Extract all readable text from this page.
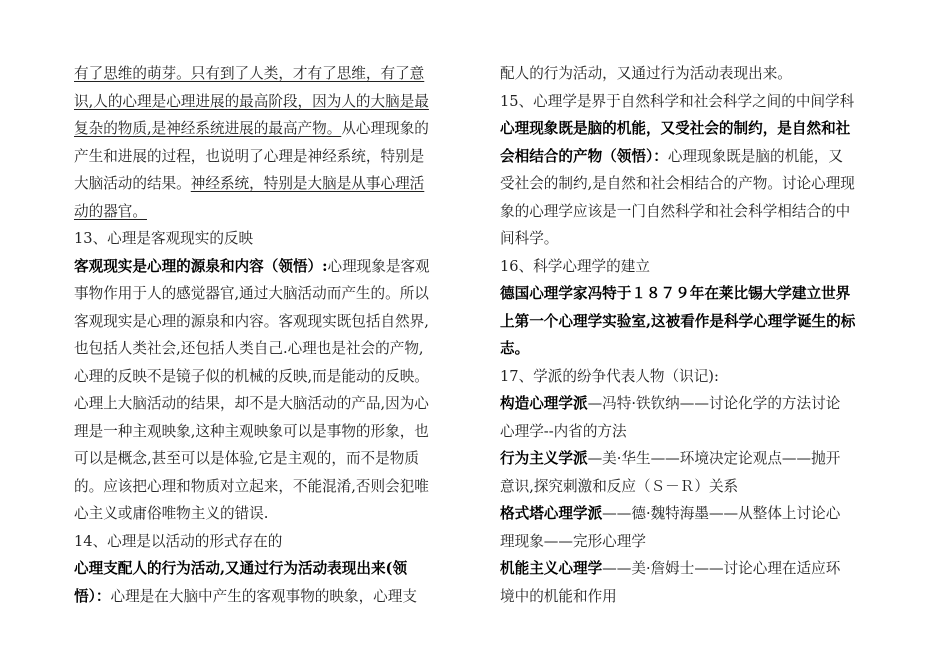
有了思维的萌芽。只有到了人类，才有了思维，有了意
识,人的心理是心理进展的最高阶段，因为人的大脑是最
复杂的物质,是神经系统进展的最高产物。从心理现象的
产生和进展的过程，也说明了心理是神经系统，特别是
大脑活动的结果。神经系统，特别是大脑是从事心理活
动的器官。
13、心理是客观现实的反映
客观现实是心理的源泉和内容（领悟）:心理现象是客观
事物作用于人的感觉器官,通过大脑活动而产生的。所以
客观现实是心理的源泉和内容。客观现实既包括自然界,
也包括人类社会,还包括人类自己.心理也是社会的产物,
心理的反映不是镜子似的机械的反映,而是能动的反映。
心理上大脑活动的结果，却不是大脑活动的产品,因为心
理是一种主观映象,这种主观映象可以是事物的形象，也
可以是概念,甚至可以是体验,它是主观的，而不是物质
的。应该把心理和物质对立起来，不能混淆,否则会犯唯
心主义或庸俗唯物主义的错误.
14、心理是以活动的形式存在的
心理支配人的行为活动,又通过行为活动表现出来(领
悟）：心理是在大脑中产生的客观事物的映象，心理支
配人的行为活动，又通过行为活动表现出来。
15、心理学是界于自然科学和社会科学之间的中间学科
心理现象既是脑的机能，又受社会的制约，是自然和社
会相结合的产物（领悟）：心理现象既是脑的机能，又
受社会的制约,是自然和社会相结合的产物。讨论心理现
象的心理学应该是一门自然科学和社会科学相结合的中
间科学。
16、科学心理学的建立
德国心理学家冯特于１８７９年在莱比锡大学建立世界
上第一个心理学实验室,这被看作是科学心理学诞生的标
志。
17、学派的纷争代表人物（识记):
构造心理学派—冯特·铁钦纳——讨论化学的方法讨论
心理学--内省的方法
行为主义学派—美·华生——环境决定论观点——抛开
意识,探究刺激和反应（Ｓ－Ｒ）关系
格式塔心理学派——德·魏特海墨——从整体上讨论心
理现象——完形心理学
机能主义心理学——美·詹姆士——讨论心理在适应环
境中的机能和作用
